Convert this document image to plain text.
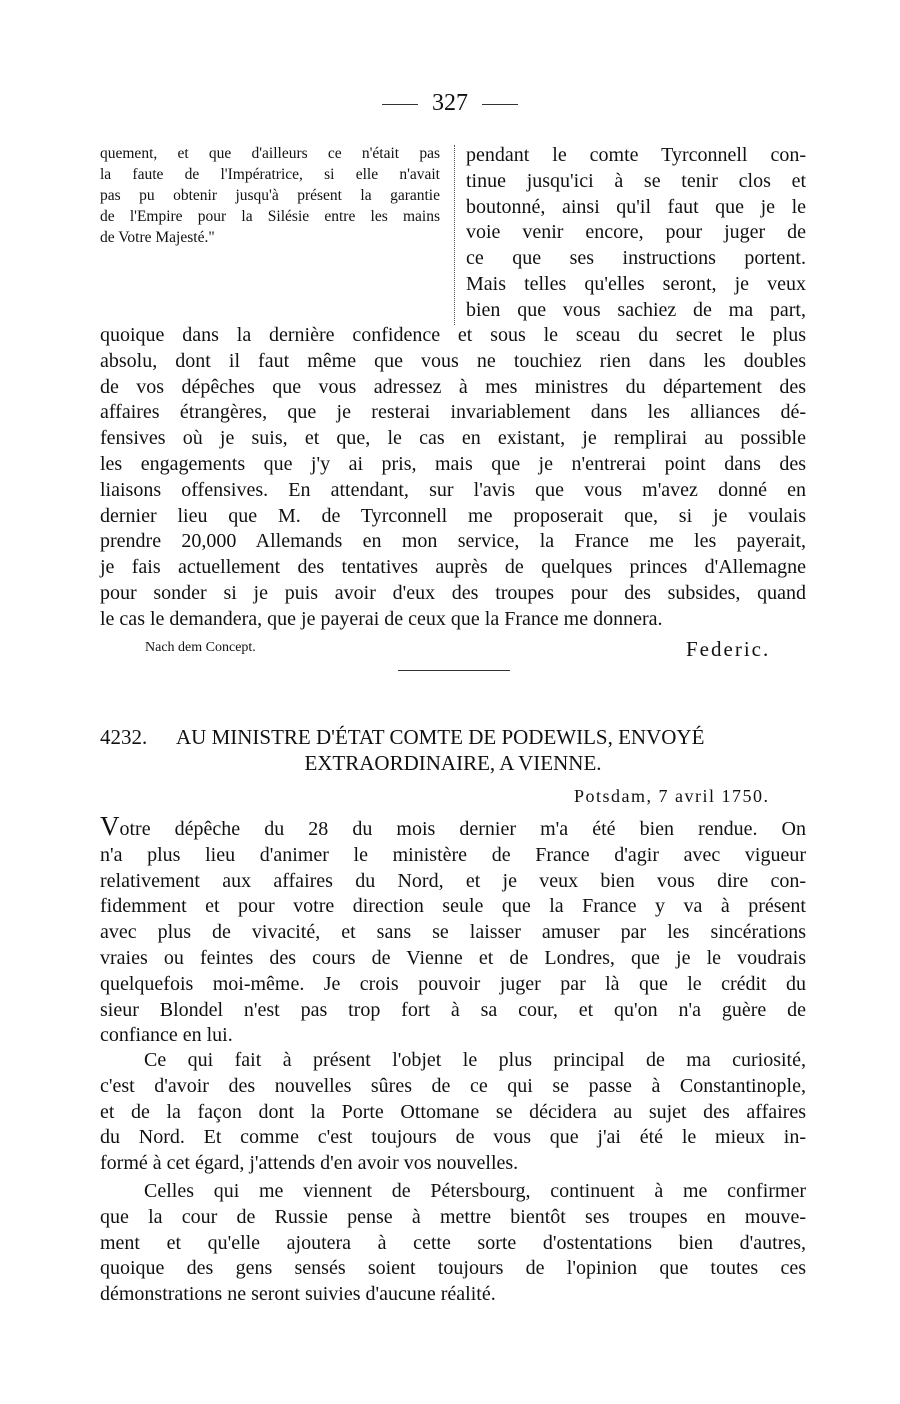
327
quement, et que d'ailleurs ce n'était pas
la faute de l'Impératrice, si elle n'avait
pas pu obtenir jusqu'à présent la garantie
de l'Empire pour la Silésie entre les mains
de Votre Majesté."
pendant le comte Tyrconnell con-
tinue jusqu'ici à se tenir clos et
boutonné, ainsi qu'il faut que je le
voie venir encore, pour juger de
ce que ses instructions portent.
Mais telles qu'elles seront, je veux
bien que vous sachiez de ma part,
quoique dans la dernière confidence et sous le sceau du secret le plus
absolu, dont il faut même que vous ne touchiez rien dans les doubles
de vos dépêches que vous adressez à mes ministres du département des
affaires étrangères, que je resterai invariablement dans les alliances dé-
fensives où je suis, et que, le cas en existant, je remplirai au possible
les engagements que j'y ai pris, mais que je n'entrerai point dans des
liaisons offensives. En attendant, sur l'avis que vous m'avez donné en
dernier lieu que M. de Tyrconnell me proposerait que, si je voulais
prendre 20,000 Allemands en mon service, la France me les payerait,
je fais actuellement des tentatives auprès de quelques princes d'Allemagne
pour sonder si je puis avoir d'eux des troupes pour des subsides, quand
le cas le demandera, que je payerai de ceux que la France me donnera.
Nach dem Concept.	Federic.
4232.	AU MINISTRE D'ÉTAT COMTE DE PODEWILS, ENVOYÉ
EXTRAORDINAIRE, A VIENNE.
Potsdam, 7 avril 1750.
Votre dépêche du 28 du mois dernier m'a été bien rendue. On
n'a plus lieu d'animer le ministère de France d'agir avec vigueur
relativement aux affaires du Nord, et je veux bien vous dire con-
fidemment et pour votre direction seule que la France y va à présent
avec plus de vivacité, et sans se laisser amuser par les sincérations
vraies ou feintes des cours de Vienne et de Londres, que je le voudrais
quelquefois moi-même. Je crois pouvoir juger par là que le crédit du
sieur Blondel n'est pas trop fort à sa cour, et qu'on n'a guère de
confiance en lui.
Ce qui fait à présent l'objet le plus principal de ma curiosité,
c'est d'avoir des nouvelles sûres de ce qui se passe à Constantinople,
et de la façon dont la Porte Ottomane se décidera au sujet des affaires
du Nord. Et comme c'est toujours de vous que j'ai été le mieux in-
formé à cet égard, j'attends d'en avoir vos nouvelles.
Celles qui me viennent de Pétersbourg, continuent à me confirmer
que la cour de Russie pense à mettre bientôt ses troupes en mouve-
ment et qu'elle ajoutera à cette sorte d'ostentations bien d'autres,
quoique des gens sensés soient toujours de l'opinion que toutes ces
démonstrations ne seront suivies d'aucune réalité.
